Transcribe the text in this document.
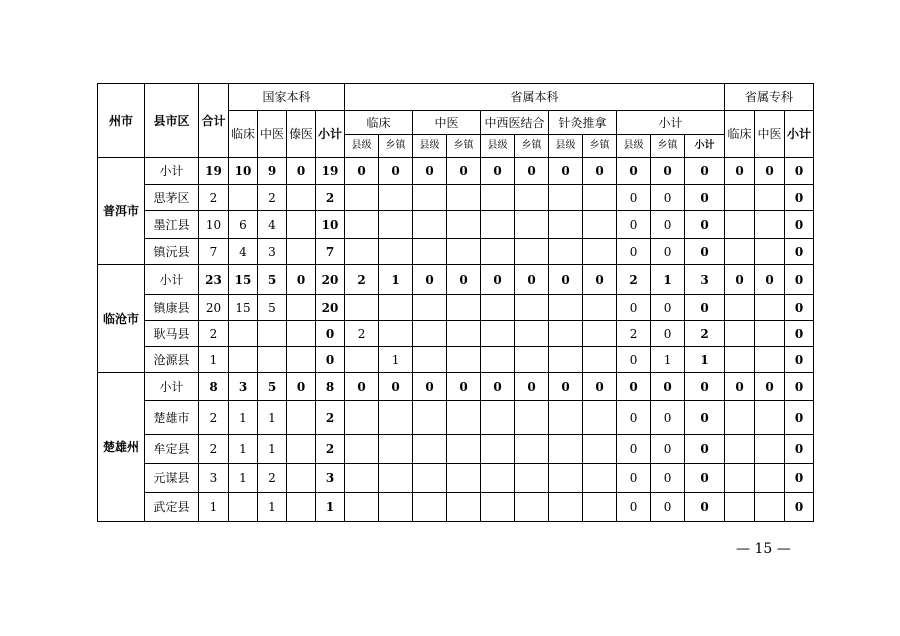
州市	县市区	合计	国家本科				省属本科											省属专科		
			临床	中医	傣医	小计	临床		中医		中西医结合		针灸推拿		小计			临床	中医	小计
							县级	乡镇	县级	乡镇	县级	乡镇	县级	乡镇	县级	乡镇	小计			
普洱市	小计	19	10	9	0	19	0	0	0	0	0	0	0	0	0	0	0	0	0	0
	思茅区	2		2		2									0	0	0			0
	墨江县	10	6	4		10									0	0	0			0
	镇沅县	7	4	3		7									0	0	0			0
临沧市	小计	23	15	5	0	20	2	1	0	0	0	0	0	0	2	1	3	0	0	0
	镇康县	20	15	5		20									0	0	0			0
	耿马县	2				0	2								2	0	2			0
	沧源县	1				0		1							0	1	1			0
楚雄州	小计	8	3	5	0	8	0	0	0	0	0	0	0	0	0	0	0	0	0	0
	楚雄市	2	1	1		2									0	0	0			0
	牟定县	2	1	1		2									0	0	0			0
	元谋县	3	1	2		3									0	0	0			0
	武定县	1		1		1									0	0	0			0
— 15 —
